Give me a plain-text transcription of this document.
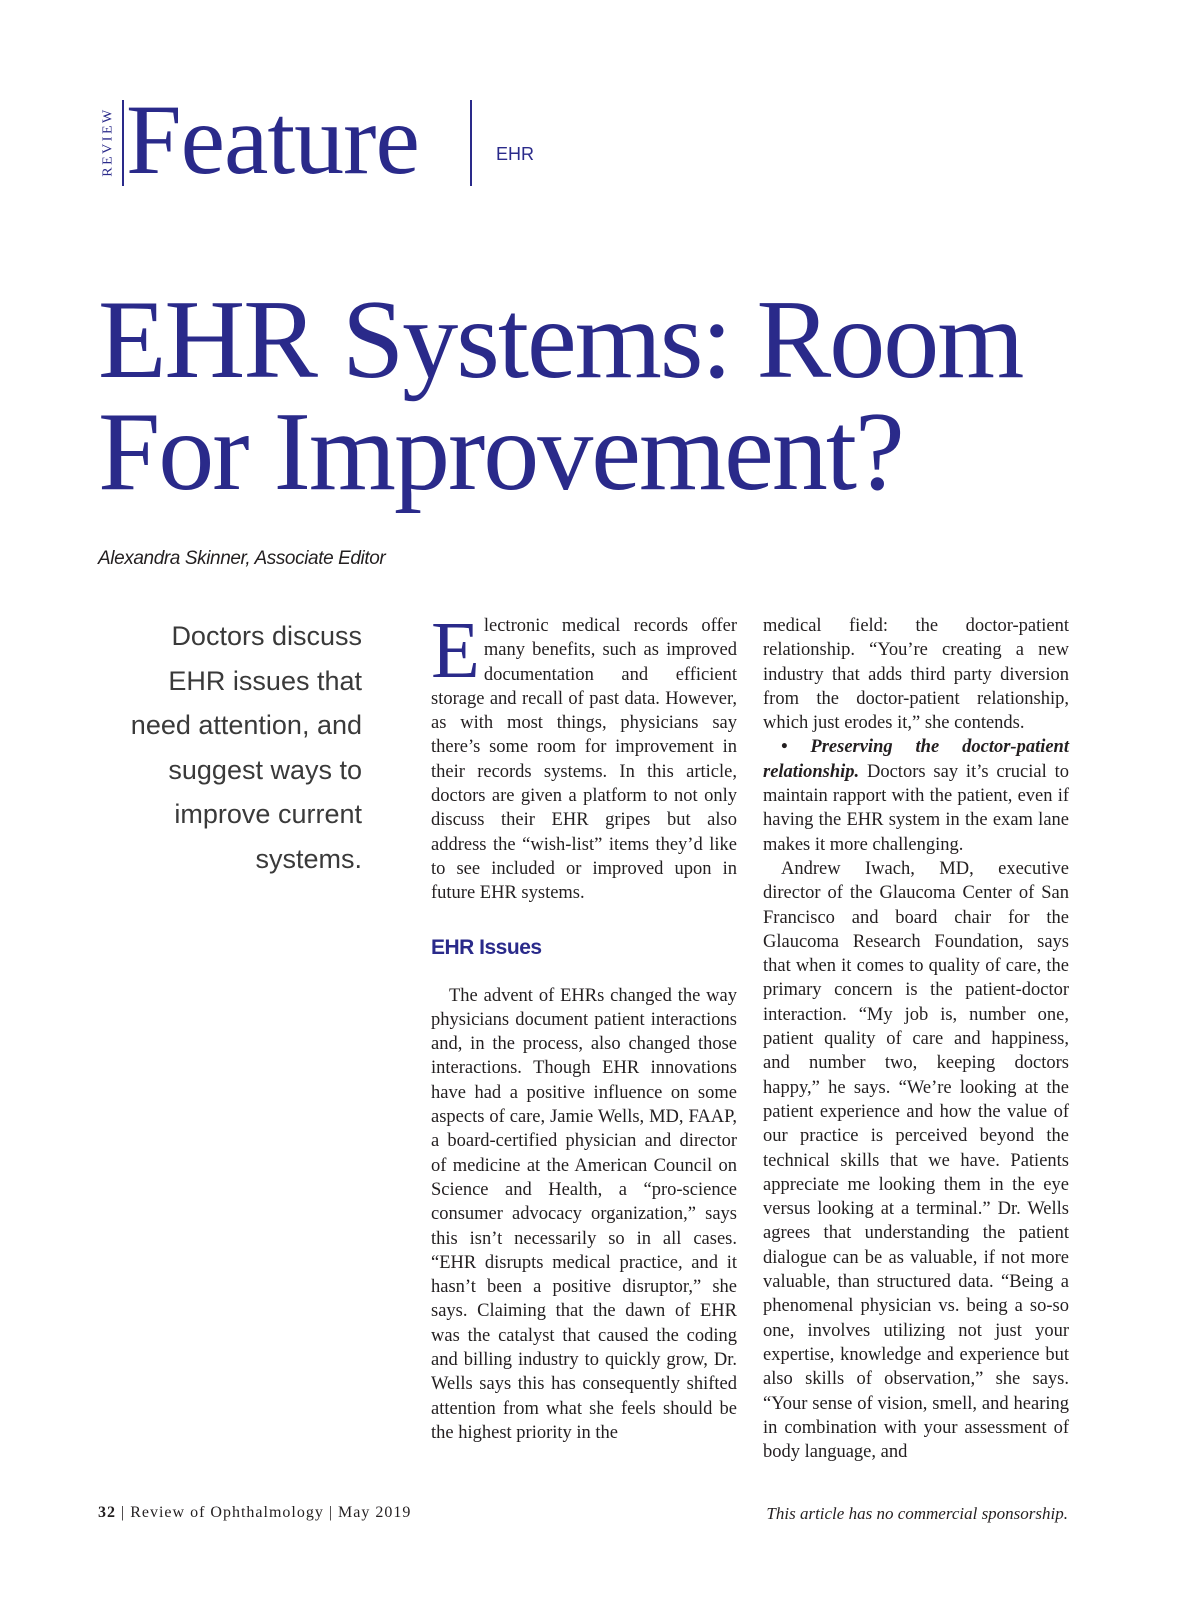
REVIEW Feature	EHR
EHR Systems: Room For Improvement?
Alexandra Skinner, Associate Editor

Doctors discuss EHR issues that need attention, and suggest ways to improve current systems.

Electronic medical records offer many benefits, such as improved documentation and efficient storage and recall of past data. However, as with most things, physicians say there’s some room for improvement in their records systems. In this article, doctors are given a platform to not only discuss their EHR gripes but also address the “wish-list” items they’d like to see included or improved upon in future EHR systems.

EHR Issues

The advent of EHRs changed the way physicians document patient interactions and, in the process, also changed those interactions. Though EHR innovations have had a positive influence on some aspects of care, Jamie Wells, MD, FAAP, a board-certified physician and director of medicine at the American Council on Science and Health, a “pro-science consumer advocacy organization,” says this isn’t necessarily so in all cases. “EHR disrupts medical practice, and it hasn’t been a positive disruptor,” she says. Claiming that the dawn of EHR was the catalyst that caused the coding and billing industry to quickly grow, Dr. Wells says this has consequently shifted attention from what she feels should be the highest priority in the

medical field: the doctor-patient relationship. “You’re creating a new industry that adds third party diversion from the doctor-patient relationship, which just erodes it,” she contends.

• Preserving the doctor-patient relationship. Doctors say it’s crucial to maintain rapport with the patient, even if having the EHR system in the exam lane makes it more challenging.

Andrew Iwach, MD, executive director of the Glaucoma Center of San Francisco and board chair for the Glaucoma Research Foundation, says that when it comes to quality of care, the primary concern is the patient-doctor interaction. “My job is, number one, patient quality of care and happiness, and number two, keeping doctors happy,” he says. “We’re looking at the patient experience and how the value of our practice is perceived beyond the technical skills that we have. Patients appreciate me looking them in the eye versus looking at a terminal.” Dr. Wells agrees that understanding the patient dialogue can be as valuable, if not more valuable, than structured data. “Being a phenomenal physician vs. being a so-so one, involves utilizing not just your expertise, knowledge and experience but also skills of observation,” she says. “Your sense of vision, smell, and hearing in combination with your assessment of body language, and

32 | Review of Ophthalmology | May 2019	This article has no commercial sponsorship.
